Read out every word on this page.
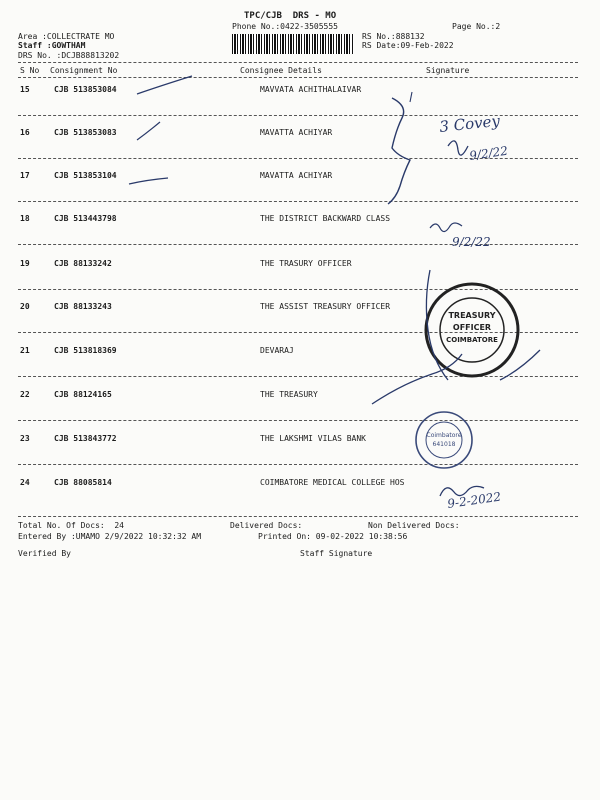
TPC/CJB  DRS - MO
Phone No.:0422-3505555	Page No.:2
Area :COLLECTRATE MO
Staff :GOWTHAM
DRS No. :DCJB88813202
RS No.:888132
RS Date:09-Feb-2022
S No Consignment No	Consignee Details	Signature
15	CJB 513853084	MAVVATA ACHITHALAIVAR
16	CJB 513853083	MAVATTA ACHIYAR
17	CJB 513853104	MAVATTA ACHIYAR
18	CJB 513443798	THE DISTRICT BACKWARD CLASS
19	CJB 88133242	THE TRASURY OFFICER
20	CJB 88133243	THE ASSIST TREASURY OFFICER
21	CJB 513818369	DEVARAJ
22	CJB 88124165	THE TREASURY
23	CJB 513843772	THE LAKSHMI VILAS BANK
24	CJB 88085814	COIMBATORE MEDICAL COLLEGE HOS
Total No. Of Docs:  24	Delivered Docs:	Non Delivered Docs:
Entered By :UMAMO 2/9/2022 10:32:32 AM	Printed On: 09-02-2022 10:38:56
Verified By	Staff Signature
3 Covey
9/2/22
9/2/22
TREASURY
OFFICER
COIMBATORE
Coimbatore
641018
9-2-2022
